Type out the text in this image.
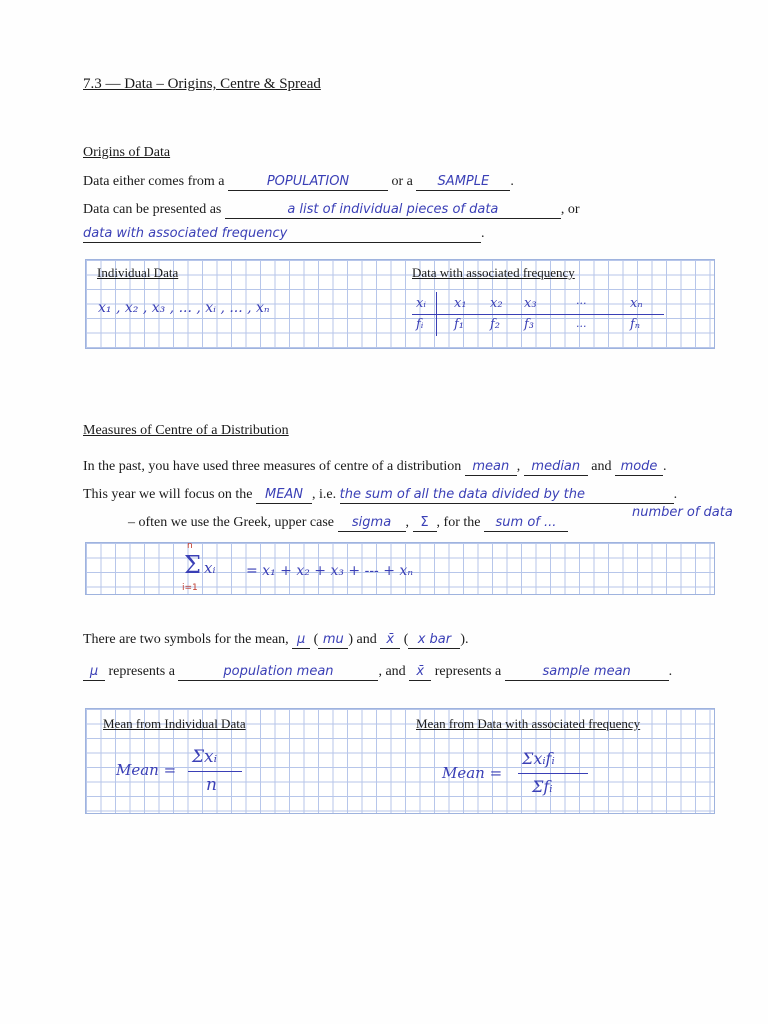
7.3 — Data – Origins, Centre & Spread
Origins of Data
Data either comes from a	POPULATION	or a SAMPLE .
Data can be presented as	a list of individual pieces of data	, or
data with associated frequency	.
Individual Data	Data with associated frequency
x₁ , x₂ , x₃ , ... , xᵢ , ... , xₙ	xᵢ x₁ x₂ x₃	...	xₙ
fᵢ f₁ f₂ f₃	...	fₙ
Measures of Centre of a Distribution
In the past, you have used three measures of centre of a distribution mean , median and mode .
This year we will focus on the MEAN , i.e. the sum of all the data divided by the	.
number of data
– often we use the Greek, upper case sigma , Σ , for the sum of ...
n
Σ
i=1
xᵢ = x₁ + x₂ + x₃ + --- + xₙ
There are two symbols for the mean, μ ( mu ) and x̄ ( x bar ).
μ represents a	population mean	, and x̄ represents a	sample mean	.
Mean from Individual Data	Mean from Data with associated frequency
Mean =
Σxᵢ
n
Mean =
Σxᵢfᵢ
Σfᵢ
